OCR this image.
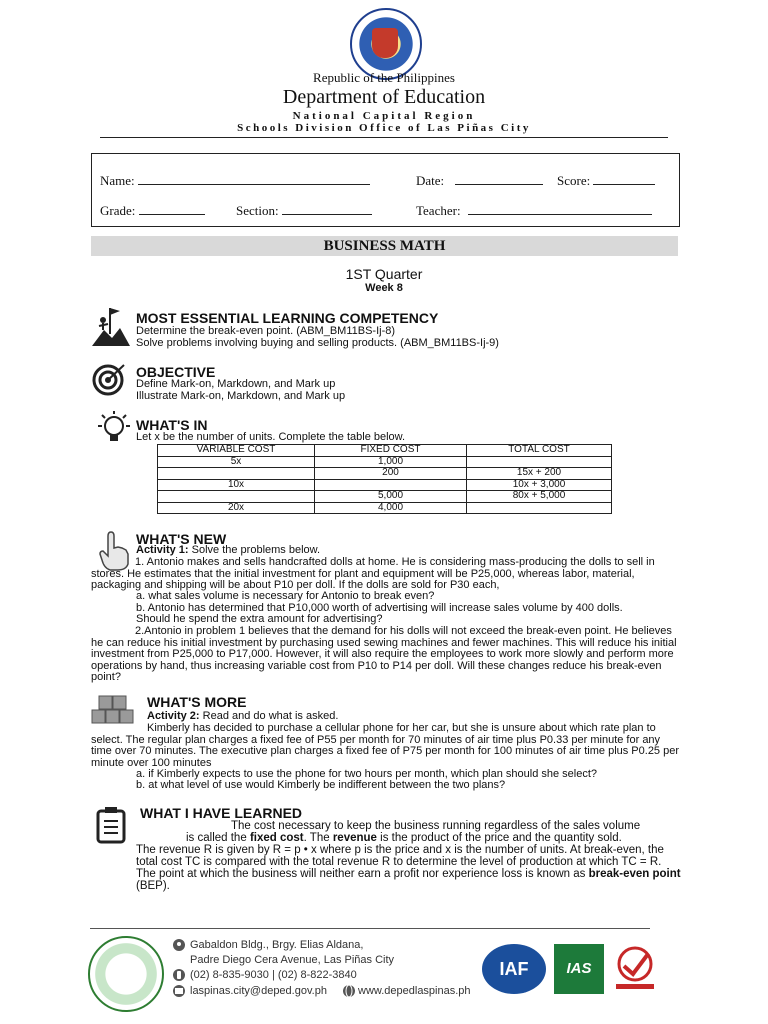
Republic of the Philippines
Department of Education
National Capital Region
Schools Division Office of Las Piñas City
Name:	Date:	Score:
Grade:	Section:	Teacher:
BUSINESS MATH
1ST Quarter
Week 8
MOST ESSENTIAL LEARNING COMPETENCY
Determine the break-even point. (ABM_BM11BS-Ij-8)
Solve problems involving buying and selling products. (ABM_BM11BS-Ij-9)
OBJECTIVE
Define Mark-on, Markdown, and Mark up
Illustrate Mark-on, Markdown, and Mark up
WHAT'S IN
Let x be the number of units. Complete the table below.
VARIABLE COST	FIXED COST	TOTAL COST
5x	1,000	
	200	15x + 200
10x		10x + 3,000
	5,000	80x + 5,000
20x	4,000	
WHAT'S NEW
Activity 1: Solve the problems below.
1. Antonio makes and sells handcrafted dolls at home. He is considering mass-producing the dolls to sell in stores. He estimates that the initial investment for plant and equipment will be P25,000, whereas labor, material, packaging and shipping will be about P10 per doll. If the dolls are sold for P30 each,
a. what sales volume is necessary for Antonio to break even?
b. Antonio has determined that P10,000 worth of advertising will increase sales volume by 400 dolls.
Should he spend the extra amount for advertising?
2.Antonio in problem 1 believes that the demand for his dolls will not exceed the break-even point. He believes he can reduce his initial investment by purchasing used sewing machines and fewer machines. This will reduce his initial investment from P25,000 to P17,000. However, it will also require the employees to work more slowly and perform more operations by hand, thus increasing variable cost from P10 to P14 per doll. Will these changes reduce his break-even point?
WHAT'S MORE
Activity 2: Read and do what is asked.
Kimberly has decided to purchase a cellular phone for her car, but she is unsure about which rate plan to select. The regular plan charges a fixed fee of P55 per month for 70 minutes of air time plus P0.33 per minute for any time over 70 minutes. The executive plan charges a fixed fee of P75 per month for 100 minutes of air time plus P0.25 per minute over 100 minutes
a. if Kimberly expects to use the phone for two hours per month, which plan should she select?
b. at what level of use would Kimberly be indifferent between the two plans?
WHAT I HAVE LEARNED
The cost necessary to keep the business running regardless of the sales volume
is called the fixed cost. The revenue is the product of the price and the quantity sold.
The revenue R is given by R = p • x where p is the price and x is the number of units. At break-even, the total cost TC is compared with the total revenue R to determine the level of production at which TC = R. The point at which the business will neither earn a profit nor experience loss is known as break-even point (BEP).
Gabaldon Bldg., Brgy. Elias Aldana,
Padre Diego Cera Avenue, Las Piñas City
(02) 8-835-9030 | (02) 8-822-3840
laspinas.city@deped.gov.ph	www.depedlaspinas.ph
IAF	IAS
